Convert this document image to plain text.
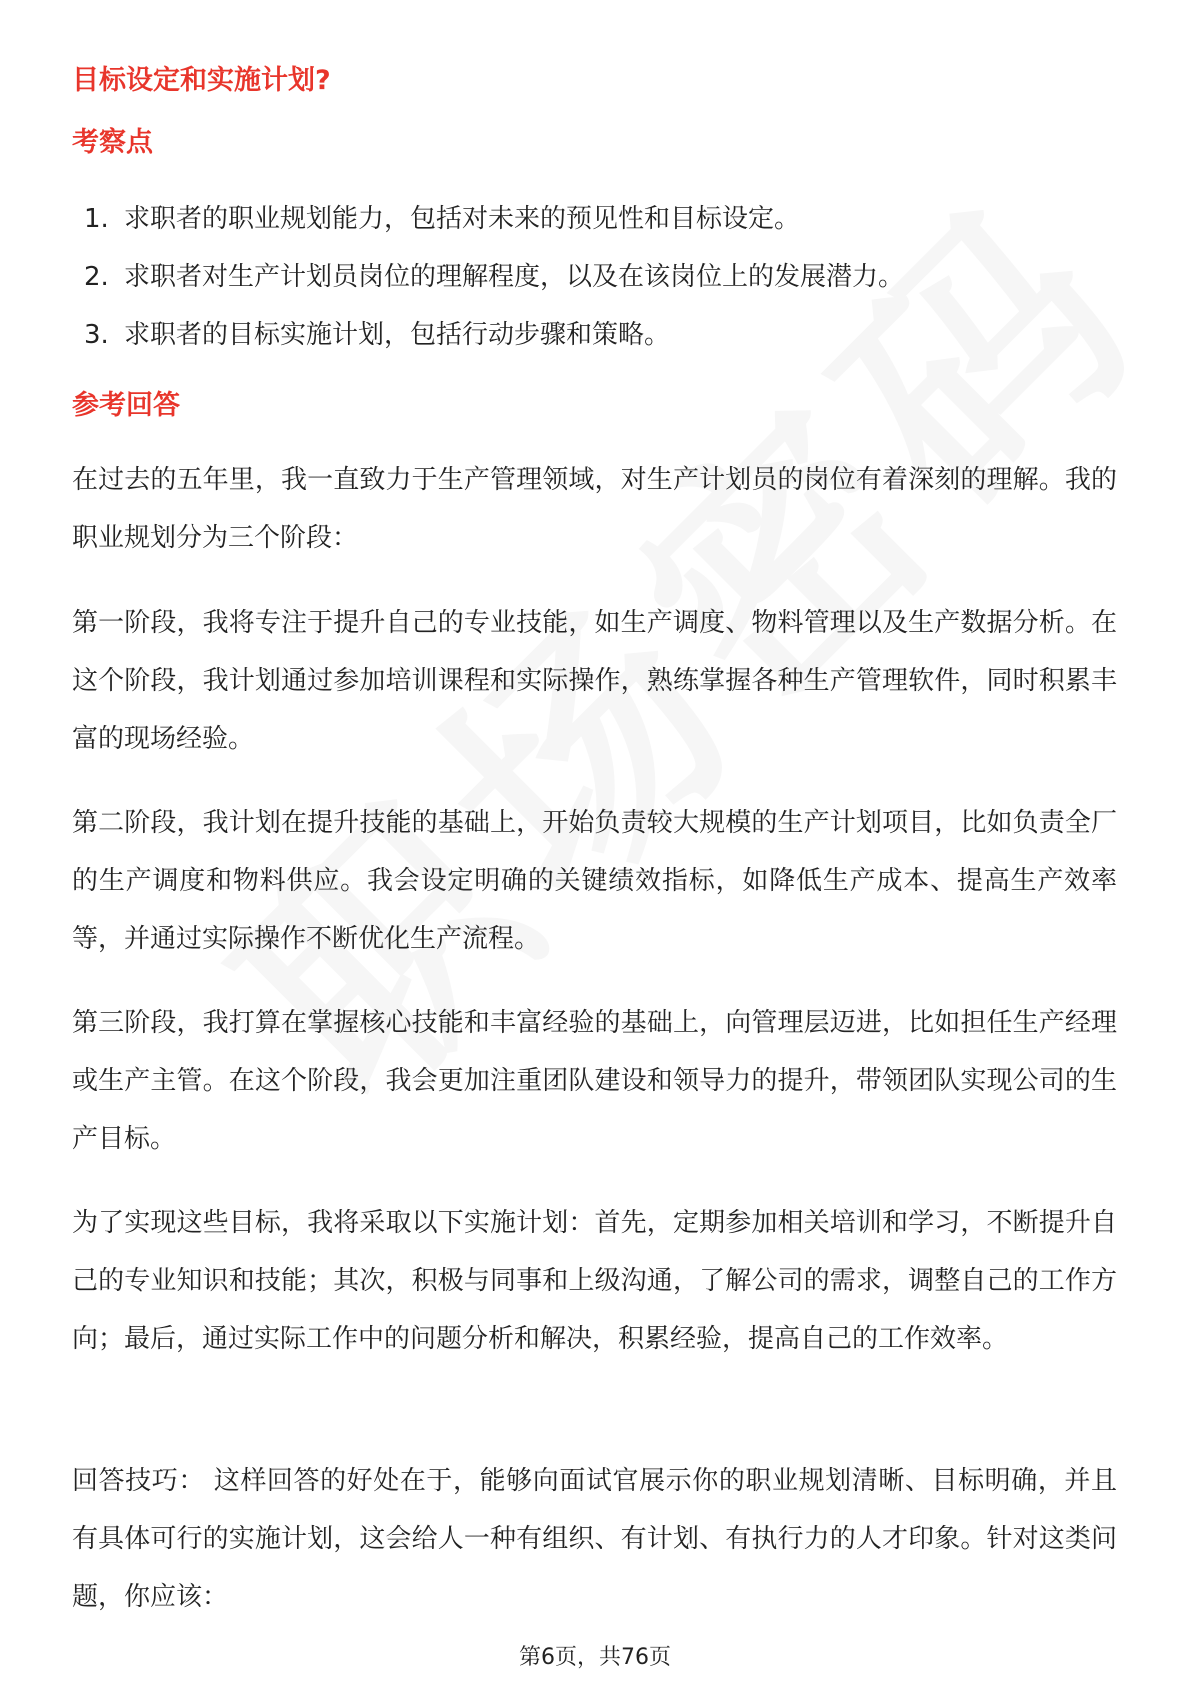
目标设定和实施计划?
考察点
1. 求职者的职业规划能力，包括对未来的预见性和目标设定。
2. 求职者对生产计划员岗位的理解程度，以及在该岗位上的发展潜力。
3. 求职者的目标实施计划，包括行动步骤和策略。
参考回答

在过去的五年里，我一直致力于生产管理领域，对生产计划员的岗位有着深刻的理解。我的职业规划分为三个阶段：

第一阶段，我将专注于提升自己的专业技能，如生产调度、物料管理以及生产数据分析。在这个阶段，我计划通过参加培训课程和实际操作，熟练掌握各种生产管理软件，同时积累丰富的现场经验。

第二阶段，我计划在提升技能的基础上，开始负责较大规模的生产计划项目，比如负责全厂的生产调度和物料供应。我会设定明确的关键绩效指标，如降低生产成本、提高生产效率等，并通过实际操作不断优化生产流程。

第三阶段，我打算在掌握核心技能和丰富经验的基础上，向管理层迈进，比如担任生产经理或生产主管。在这个阶段，我会更加注重团队建设和领导力的提升，带领团队实现公司的生产目标。

为了实现这些目标，我将采取以下实施计划：首先，定期参加相关培训和学习，不断提升自己的专业知识和技能；其次，积极与同事和上级沟通，了解公司的需求，调整自己的工作方向；最后，通过实际工作中的问题分析和解决，积累经验，提高自己的工作效率。

回答技巧： 这样回答的好处在于，能够向面试官展示你的职业规划清晰、目标明确，并且有具体可行的实施计划，这会给人一种有组织、有计划、有执行力的人才印象。针对这类问题，你应该：

第6页，共76页
